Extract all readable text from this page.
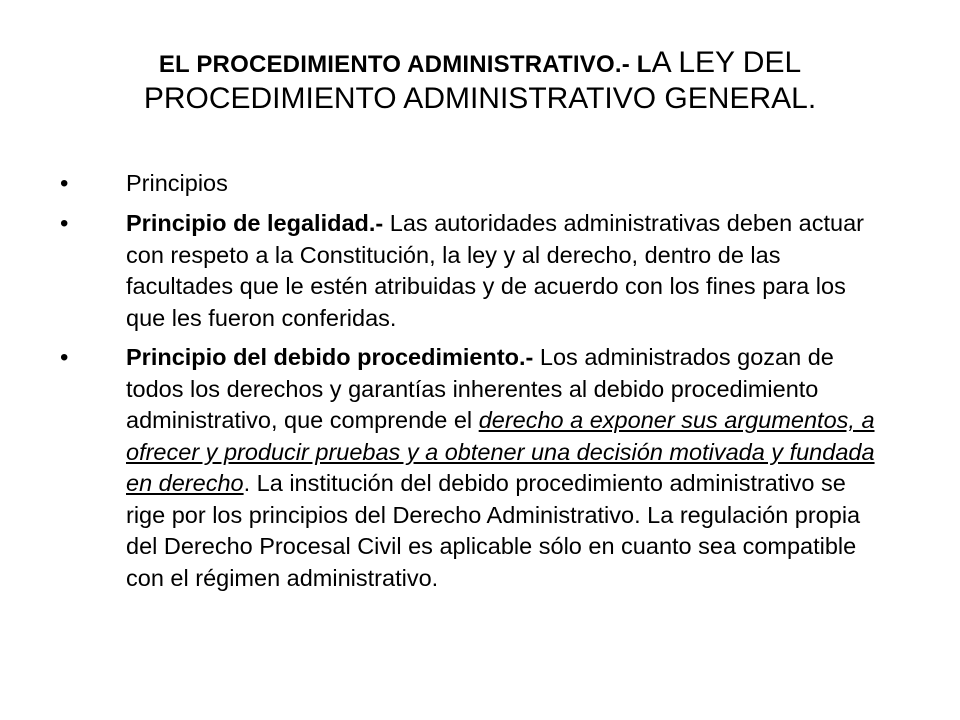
EL PROCEDIMIENTO ADMINISTRATIVO.- LA LEY DEL PROCEDIMIENTO ADMINISTRATIVO GENERAL.
•	Principios
•	Principio de legalidad.- Las autoridades administrativas deben actuar con respeto a la Constitución, la ley y al derecho, dentro de las facultades que le estén atribuidas y de acuerdo con los fines para los que les fueron conferidas.
•	Principio del debido procedimiento.- Los administrados gozan de todos los derechos y garantías inherentes al debido procedimiento administrativo, que comprende el derecho a exponer sus argumentos, a ofrecer y producir pruebas y a obtener una decisión motivada y fundada en derecho. La institución del debido procedimiento administrativo se rige por los principios del Derecho Administrativo. La regulación propia del Derecho Procesal Civil es aplicable sólo en cuanto sea compatible con el régimen administrativo.
